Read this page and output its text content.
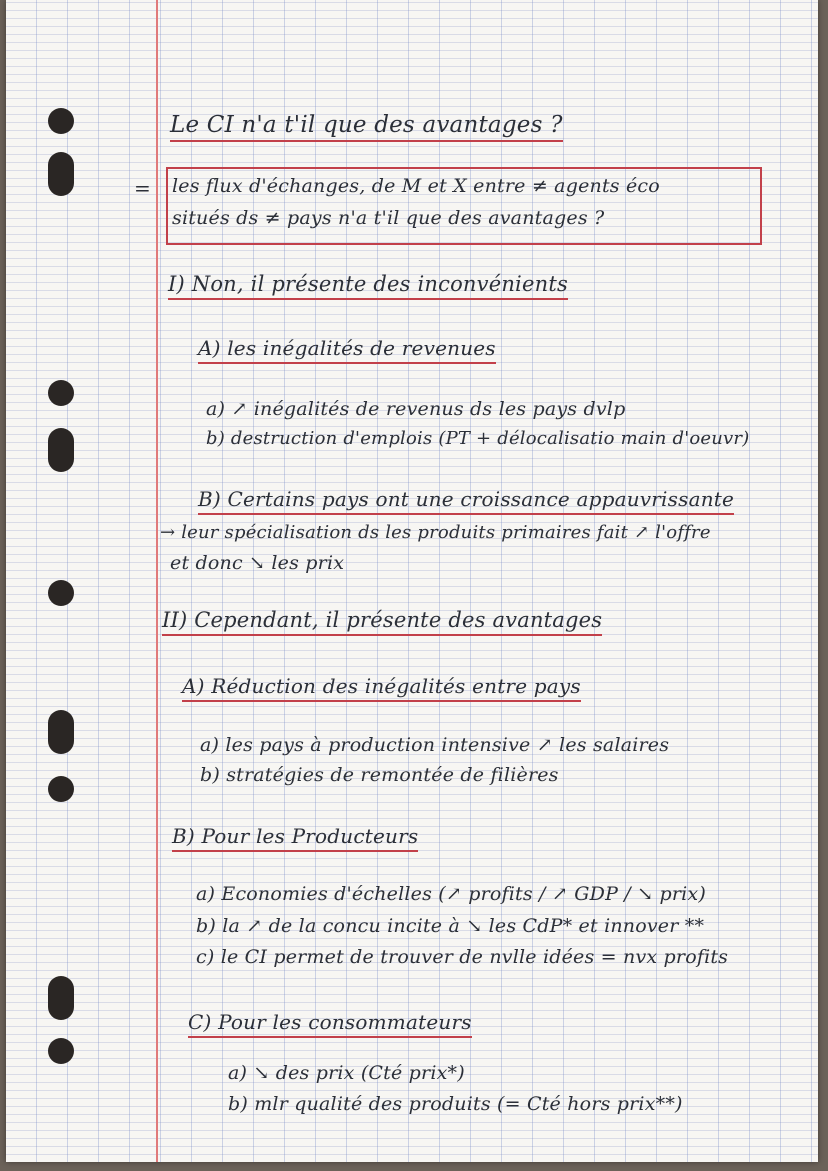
Le CI n'a t'il que des avantages ?
= les flux d'échanges, de M et X entre ≠ agents éco
situés ds ≠ pays n'a t'il que des avantages ?
I) Non, il présente des inconvénients
A) les inégalités de revenues
a) ↗ inégalités de revenus ds les pays dvlp
b) destruction d'emplois (PT + délocalisatio main d'oeuvr)
B) Certains pays ont une croissance appauvrissante
→ leur spécialisation ds les produits primaires fait ↗ l'offre
et donc ↘ les prix
II) Cependant, il présente des avantages
A) Réduction des inégalités entre pays
a) les pays à production intensive ↗ les salaires
b) stratégies de remontée de filières
B) Pour les Producteurs
a) Economies d'échelles (↗ profits / ↗ GDP / ↘ prix)
b) la ↗ de la concu incite à ↘ les CdP* et innover **
c) le CI permet de trouver de nvlle idées = nvx profits
C) Pour les consommateurs
a) ↘ des prix (Cté prix*)
b) mlr qualité des produits (= Cté hors prix**)
